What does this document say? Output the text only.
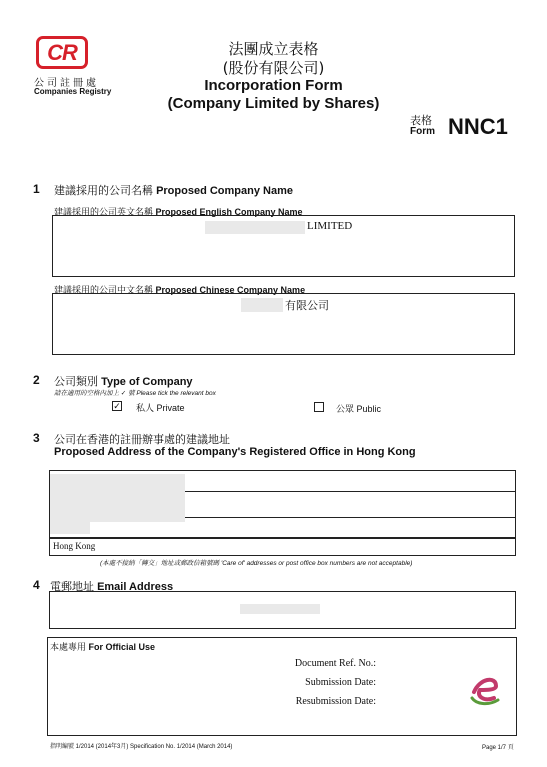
CR
公司註冊處
Companies Registry
法團成立表格
(股份有限公司)
Incorporation Form
(Company Limited by Shares)
表格
Form NNC1
1 建議採用的公司名稱 Proposed Company Name
建議採用的公司英文名稱 Proposed English Company Name
LIMITED
建議採用的公司中文名稱 Proposed Chinese Company Name
有限公司
2 公司類別 Type of Company
請在適用的空格內加上 ✓ 號 Please tick the relevant box
✓ 私人 Private	公眾 Public
3 公司在香港的註冊辦事處的建議地址
Proposed Address of the Company's Registered Office in Hong Kong
Hong Kong
(本處不接納「轉交」地址或郵政信箱號碼 'Care of' addresses or post office box numbers are not acceptable)
4 電郵地址 Email Address
本處專用 For Official Use
Document Ref. No.:
Submission Date:
Resubmission Date:
指明編號 1/2014 (2014年3月) Specification No. 1/2014 (March 2014)	Page 1/7 頁
